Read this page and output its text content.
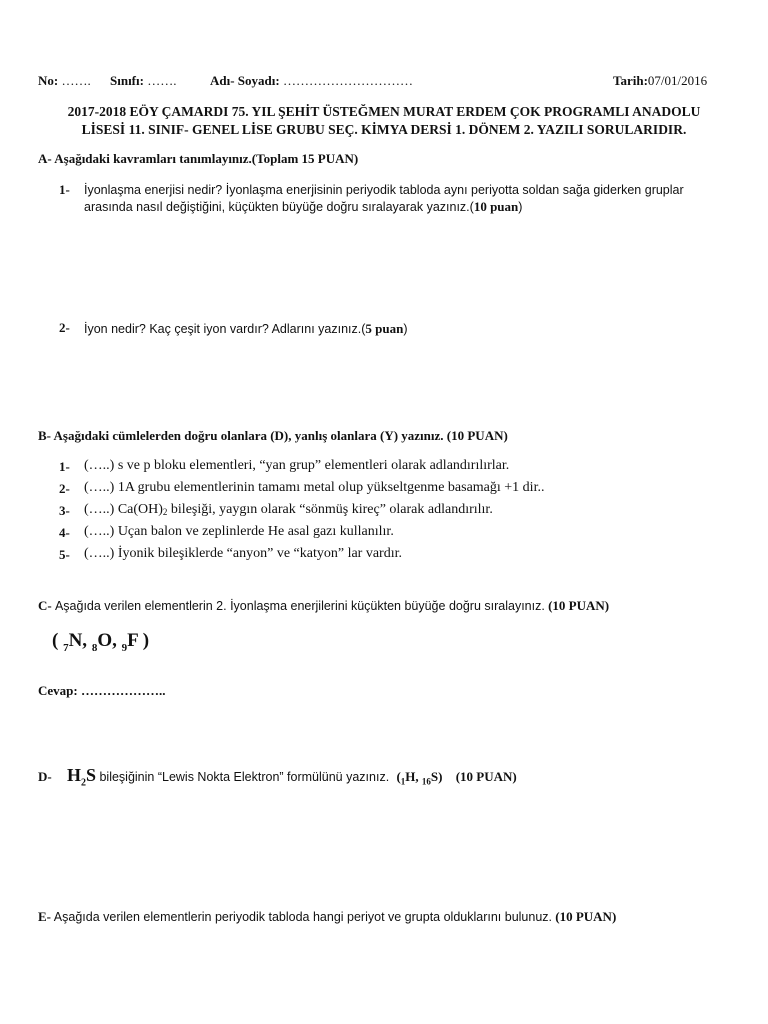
No: ……. Sınıfı: …….	Adı- Soyadı: …………………………	Tarih:07/01/2016
2017-2018 EÖY ÇAMARDI 75. YIL ŞEHİT ÜSTEĞMEN MURAT ERDEM ÇOK PROGRAMLI ANADOLU
LİSESİ 11. SINIF- GENEL LİSE GRUBU SEÇ. KİMYA DERSİ 1. DÖNEM 2. YAZILI SORULARIDIR.
A- Aşağıdaki kavramları tanımlayınız.(Toplam 15 PUAN)
1- İyonlaşma enerjisi nedir? İyonlaşma enerjisinin periyodik tabloda aynı periyotta soldan sağa giderken gruplar
arasında nasıl değiştiğini, küçükten büyüğe doğru sıralayarak yazınız.(10 puan)
2- İyon nedir? Kaç çeşit iyon vardır? Adlarını yazınız.(5 puan)
B- Aşağıdaki cümlelerden doğru olanlara (D), yanlış olanlara (Y) yazınız. (10 PUAN)
1- (…..) s ve p bloku elementleri, “yan grup” elementleri olarak adlandırılırlar.
2- (…..) 1A grubu elementlerinin tamamı metal olup yükseltgenme basamağı +1 dir..
3- (…..) $Ca(OH)_2$ bileşiği, yaygın olarak “sönmüş kireç” olarak adlandırılır.
4- (…..) Uçan balon ve zeplinlerde He asal gazı kullanılır.
5- (…..) İyonik bileşiklerde “anyon” ve “katyon” lar vardır.
C- Aşağıda verilen elementlerin 2. İyonlaşma enerjilerini küçükten büyüğe doğru sıralayınız. (10 PUAN)
( $_7$N, $_8$O, $_9$F )
Cevap: ………………..
D- $H_2S$ bileşiğinin “Lewis Nokta Elektron” formülünü yazınız. ($_1H$, $_{16}$S) (10 PUAN)
E- Aşağıda verilen elementlerin periyodik tabloda hangi periyot ve grupta olduklarını bulunuz. (10 PUAN)
